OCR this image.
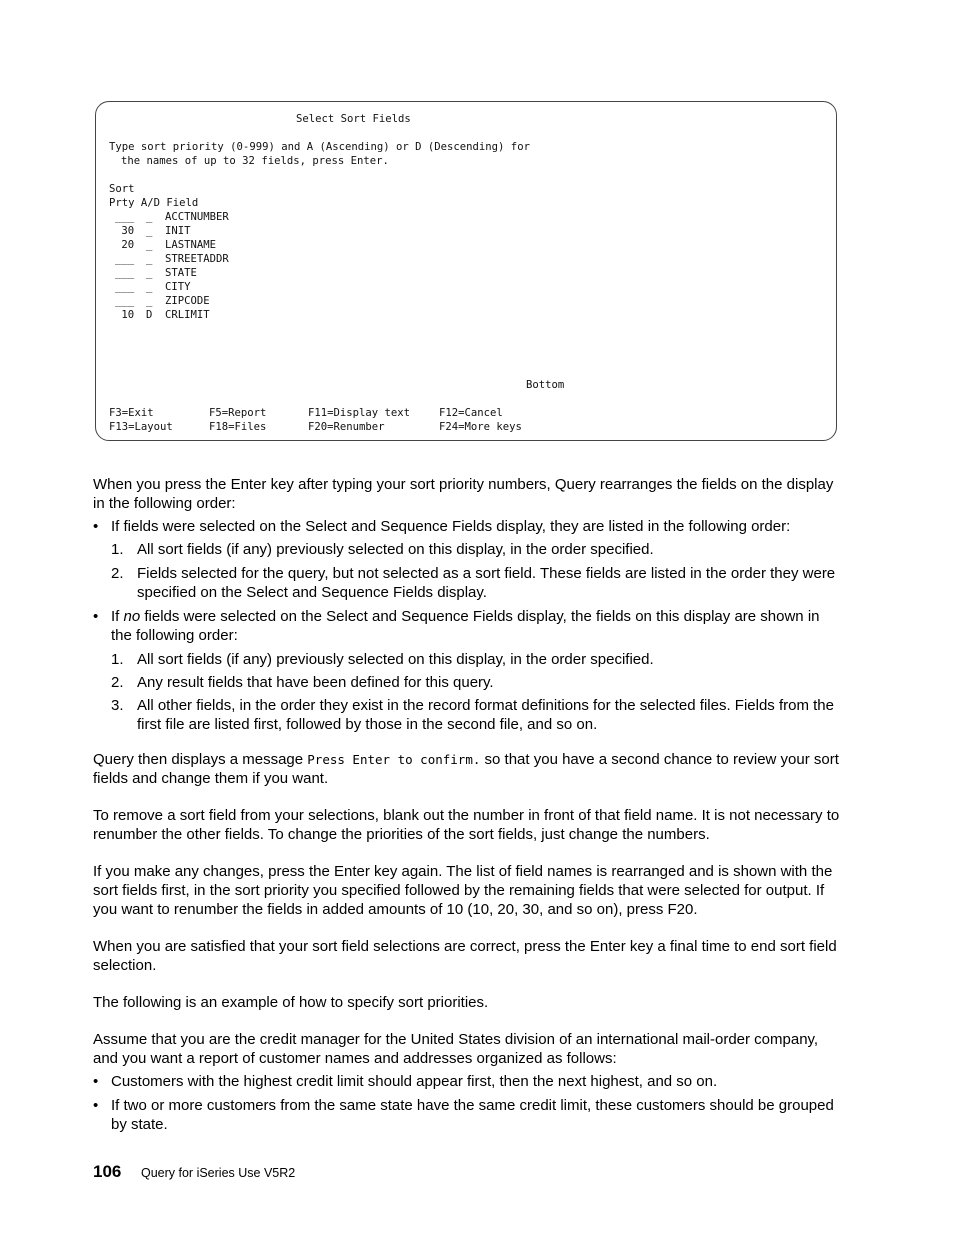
Select Sort Fields
Type sort priority (0-999) and A (Ascending) or D (Descending) for
the names of up to 32 fields, press Enter.
Sort
Prty A/D Field
___ _ ACCTNUMBER
30 _ INIT
20 _ LASTNAME
___ _ STREETADDR
___ _ STATE
___ _ CITY
___ _ ZIPCODE
10 D CRLIMIT
Bottom
F3=Exit	F5=Report	F11=Display text	F12=Cancel
F13=Layout	F18=Files	F20=Renumber	F24=More keys

When you press the Enter key after typing your sort priority numbers, Query rearranges the fields on the display in the following order:

• If fields were selected on the Select and Sequence Fields display, they are listed in the following order:

1. All sort fields (if any) previously selected on this display, in the order specified.

2. Fields selected for the query, but not selected as a sort field. These fields are listed in the order they were specified on the Select and Sequence Fields display.

• If no fields were selected on the Select and Sequence Fields display, the fields on this display are shown in the following order:

1. All sort fields (if any) previously selected on this display, in the order specified.

2. Any result fields that have been defined for this query.

3. All other fields, in the order they exist in the record format definitions for the selected files. Fields from the first file are listed first, followed by those in the second file, and so on.

Query then displays a message Press Enter to confirm. so that you have a second chance to review your sort fields and change them if you want.
To remove a sort field from your selections, blank out the number in front of that field name. It is not necessary to renumber the other fields. To change the priorities of the sort fields, just change the numbers.
If you make any changes, press the Enter key again. The list of field names is rearranged and is shown with the sort fields first, in the sort priority you specified followed by the remaining fields that were selected for output. If you want to renumber the fields in added amounts of 10 (10, 20, 30, and so on), press F20.
When you are satisfied that your sort field selections are correct, press the Enter key a final time to end sort field selection.
The following is an example of how to specify sort priorities.

Assume that you are the credit manager for the United States division of an international mail-order company, and you want a report of customer names and addresses organized as follows:

• Customers with the highest credit limit should appear first, then the next highest, and so on.

• If two or more customers from the same state have the same credit limit, these customers should be grouped by state.

106 Query for iSeries Use V5R2
